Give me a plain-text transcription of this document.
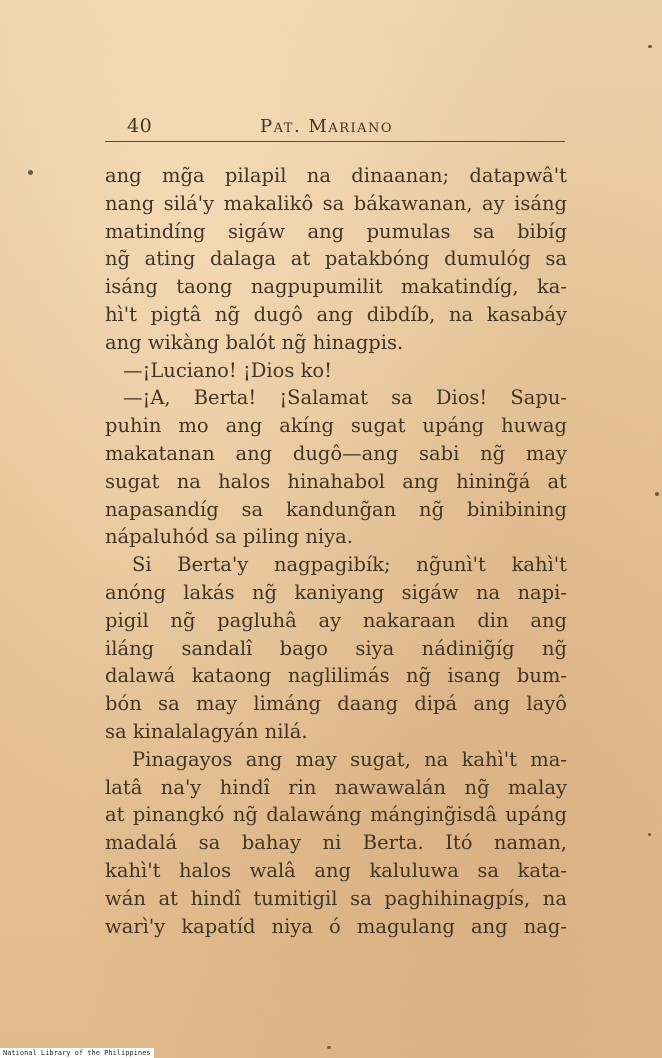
40	Pat. Mariano
ang mg̃a pilapil na dinaanan; datapwâ't
nang silá'y makalikô sa bákawanan, ay isáng
matindíng sigáw ang pumulas sa bibíg
ng̃ ating dalaga at patakbóng dumulóg sa
isáng taong nagpupumilit makatindíg, ka-
hì't pigtâ ng̃ dugô ang dibdíb, na kasabáy
ang wikàng balót ng̃ hinagpis.
—¡Luciano! ¡Dios ko!
—¡A, Berta! ¡Salamat sa Dios! Sapu-
puhin mo ang akíng sugat upáng huwag
makatanan ang dugô—ang sabi ng̃ may
sugat na halos hinahabol ang hining̃á at
napasandíg sa kandung̃an ng̃ binibining
nápaluhód sa piling niya.
Si Berta'y nagpagibík; ng̃unì't kahì't
anóng lakás ng̃ kaniyang sigáw na napi-
pigil ng̃ pagluhâ ay nakaraan din ang
iláng sandalî bago siya nádinig̃íg ng̃
dalawá kataong naglilimás ng̃ isang bum-
bón sa may limáng daang dipá ang layô
sa kinalalagyán nilá.
Pinagayos ang may sugat, na kahì't ma-
latâ na'y hindî rin nawawalán ng̃ malay
at pinangkó ng̃ dalawáng mánging̃isdâ upáng
madalá sa bahay ni Berta. Itó naman,
kahì't halos walâ ang kaluluwa sa kata-
wán at hindî tumitigil sa paghihinagpís, na
warì'y kapatíd niya ó magulang ang nag-
National Library of the Philippines
